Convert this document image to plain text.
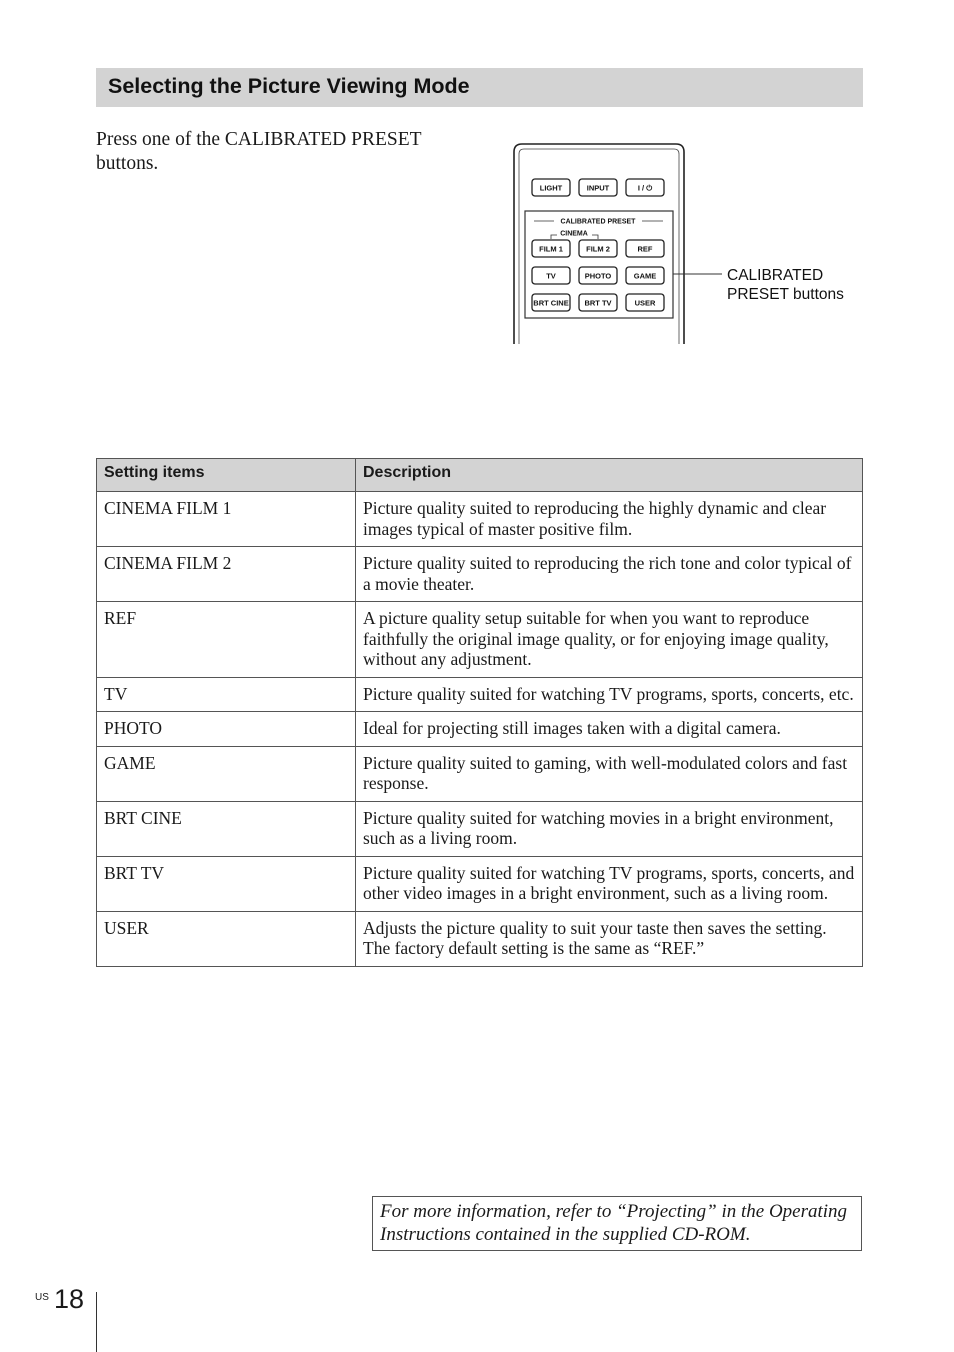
Selecting the Picture Viewing Mode
Press one of the CALIBRATED PRESET buttons.
LIGHT	INPUT	I / ⏻
CALIBRATED PRESET
CINEMA
FILM 1	FILM 2	REF
TV	PHOTO	GAME
BRT CINE BRT TV	USER
CALIBRATED PRESET buttons
Setting items	Description
CINEMA FILM 1	Picture quality suited to reproducing the highly dynamic and clear images typical of master positive film.
CINEMA FILM 2	Picture quality suited to reproducing the rich tone and color typical of a movie theater.
REF	A picture quality setup suitable for when you want to reproduce faithfully the original image quality, or for enjoying image quality, without any adjustment.
TV	Picture quality suited for watching TV programs, sports, concerts, etc.
PHOTO	Ideal for projecting still images taken with a digital camera.
GAME	Picture quality suited to gaming, with well-modulated colors and fast response.
BRT CINE	Picture quality suited for watching movies in a bright environment, such as a living room.
BRT TV	Picture quality suited for watching TV programs, sports, concerts, and other video images in a bright environment, such as a living room.
USER	Adjusts the picture quality to suit your taste then saves the setting. The factory default setting is the same as “REF.”
For more information, refer to “Projecting” in the Operating Instructions contained in the supplied CD-ROM.
US 18
